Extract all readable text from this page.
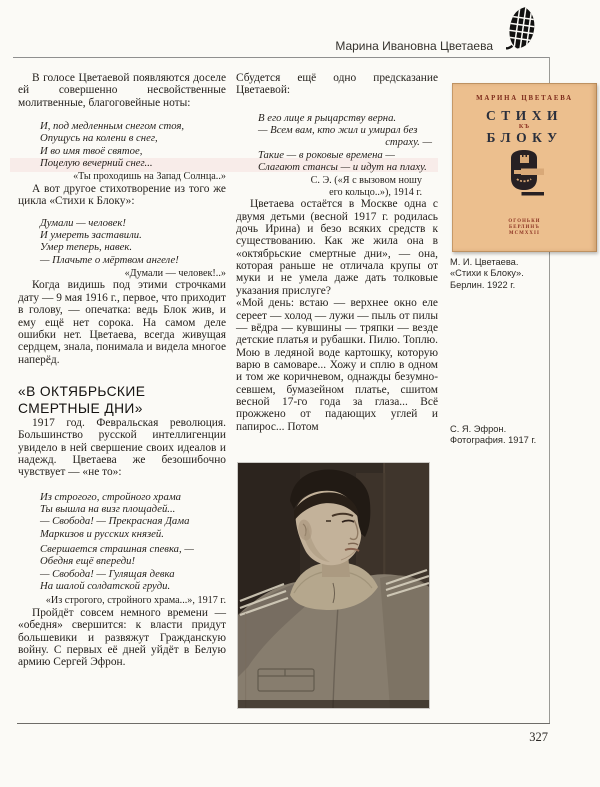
Марина Ивановна Цветаева
327

В голосе Цветаевой появляются доселе ей совершенно несвойственные молитвенные, благоговейные ноты:

И, под медленным снегом стоя,
Опущусь на колени в снег,
И во имя твоё святое,
Поцелую вечерний снег...
«Ты проходишь на Запад Солнца..»

А вот другое стихотворение из того же цикла «Стихи к Блоку»:

Думали — человек!
И умереть заставили.
Умер теперь, навек.
— Плачьте о мёртвом ангеле!
«Думали — человек!..»

Когда видишь под этими строчками дату — 9 мая 1916 г., первое, что приходит в голову, — опечатка: ведь Блок жив, и ему ещё нет сорока. На самом деле ошибки нет. Цветаева, всегда живущая сердцем, знала, понимала и видела многое наперёд.

«В ОКТЯБРЬСКИЕ СМЕРТНЫЕ ДНИ»

1917 год. Февральская революция. Большинство русской интеллигенции увидело в ней свершение своих идеалов и надежд. Цветаева же безошибочно чувствует — «не то»:

Из строгого, стройного храма
Ты вышла на визг площадей...
— Свобода! — Прекрасная Дама
Маркизов и русских князей.
Свершается страшная спевка, —
Обедня ещё впереди!
— Свобода! — Гулящая девка
На шалой солдатской груди.
«Из строгого, стройного храма...», 1917 г.

Пройдёт совсем немного времени — «обедня» свершится: к власти придут большевики и развяжут Гражданскую войну. С первых её дней уйдёт в Белую армию Сергей Эфрон.

Сбудется ещё одно предсказание Цветаевой:

В его лице я рыцарству верна.
— Всем вам, кто жил и умирал без
страху. —
Такие — в роковые времена —
Слагают стансы — и идут на плаху.
С. Э. («Я с вызовом ношу
его кольцо..»), 1914 г.

Цветаева остаётся в Москве одна с двумя детьми (весной 1917 г. родилась дочь Ирина) и безо всяких средств к существованию. Как же жила она в «октябрьские смертные дни», — она, которая раньше не отличала крупы от муки и не умела даже дать толковые указания прислуге?

«Мой день: встаю — верхнее окно еле сереет — холод — лужи — пыль от пилы — вёдра — кувшины — тряпки — везде детские платья и рубашки. Пилю. Топлю. Мою в ледяной воде картошку, которую варю в самоваре... Хожу и сплю в одном и том же коричневом, однажды безумно-севшем, бумазейном платье, сшитом весной 17-го года за глаза... Всё прожжено от падающих углей и папирос... Потом

МАРИНА ЦВЕТАЕВА
СТИХИ
КЪ
БЛОКУ
ОГОНЬКИ
БЕРЛИНЪ
MCMXXII
М. И. Цветаева.
«Стихи к Блоку».
Берлин. 1922 г.
С. Я. Эфрон.
Фотография. 1917 г.
